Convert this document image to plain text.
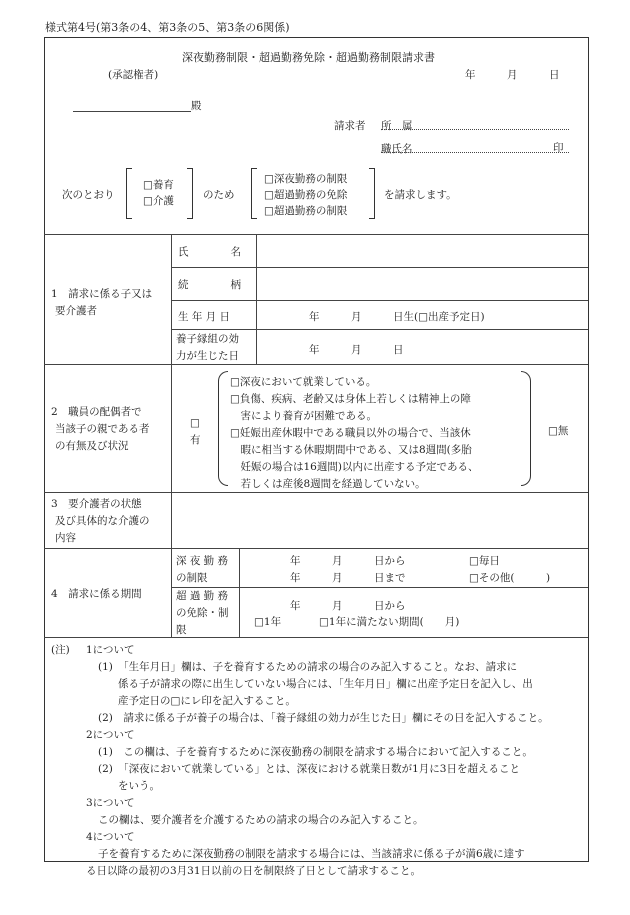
様式第4号(第3条の4、第3条の5、第3条の6関係)
深夜勤務制限・超過勤務免除・超過勤務制限請求書
(承認権者)	年	月	日
殿
請求者 所　属
職氏名	印
次のとおり
□養育
□介護	のため
□深夜勤務の制限
□超過勤務の免除
□超過勤務の制限
を請求します。
1　請求に係る子又は
要介護者
氏　　　　名
続　　　　柄
生 年 月 日	年　　　月　　　日生(□出産予定日)
養子縁組の効
力が生じた日	年　　　月　　　日
2　職員の配偶者で
当該子の親である者
の有無及び状況
□
有
□深夜において就業している。
□負傷、疾病、老齢又は身体上若しくは精神上の障
　害により養育が困難である。
□妊娠出産休暇中である職員以外の場合で、当該休
　暇に相当する休暇期間中である、又は8週間(多胎
　妊娠の場合は16週間)以内に出産する予定である、
　若しくは産後8週間を経過していない。
□無
3　要介護者の状態
及び具体的な介護の
内容
4　請求に係る期間
深 夜 勤 務
の制限
年　　　月　　　日から
年　　　月　　　日まで
□毎日
□その他(　　　)
超 過 勤 務
の免除・制
限
年　　　月　　　日から
□1年	□1年に満たない期間(　　月)
(注) 1について
(1)　「生年月日」欄は、子を養育するための請求の場合のみ記入すること。なお、請求に
係る子が請求の際に出生していない場合には、「生年月日」欄に出産予定日を記入し、出
産予定日の□にレ印を記入すること。
(2)　請求に係る子が養子の場合は、「養子縁組の効力が生じた日」欄にその日を記入すること。
2について
(1)　この欄は、子を養育するために深夜勤務の制限を請求する場合において記入すること。
(2)　「深夜において就業している」とは、深夜における就業日数が1月に3日を超えること
をいう。
3について
この欄は、要介護者を介護するための請求の場合のみ記入すること。
4について
子を養育するために深夜勤務の制限を請求する場合には、当該請求に係る子が満6歳に達す
る日以降の最初の3月31日以前の日を制限終了日として請求すること。
